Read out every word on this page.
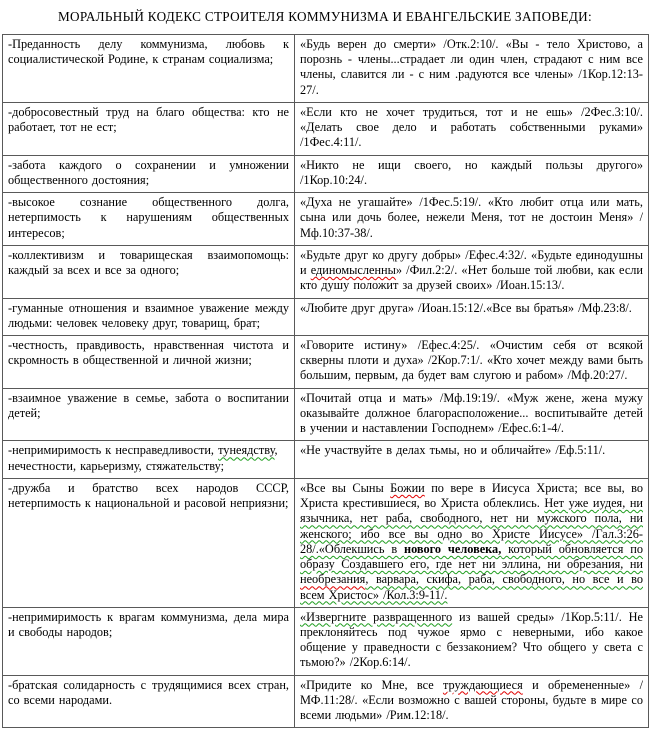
МОРАЛЬНЫЙ КОДЕКС СТРОИТЕЛЯ КОММУНИЗМА И ЕВАНГЕЛЬСКИЕ ЗАПОВЕДИ:
-Преданность делу коммунизма, любовь к социалистической Родине, к странам социализма;	«Будь верен до смерти» /Отк.2:10/. «Вы - тело Христово, а порознь - члены...страдает ли один член, страдают с ним все члены, славится ли - с ним .радуются все члены» /1Кор.12:13-27/.
-добросовестный труд на благо общества: кто не работает, тот не ест;	«Если кто не хочет трудиться, тот и не ешь» /2Фес.3:10/. «Делать свое дело и работать собственными руками» /1Фес.4:11/.
-забота каждого о сохранении и умножении общественного достояния;	«Никто не ищи своего, но каждый пользы другого» /1Кор.10:24/.
-высокое сознание общественного долга, нетерпимость к нарушениям общественных интересов;	«Духа не угашайте» /1Фес.5:19/. «Кто любит отца или мать, сына или дочь более, нежели Меня, тот не достоин Меня» /Мф.10:37-38/.
-коллективизм и товарищеская взаимопомощь: каждый за всех и все за одного;	«Будьте друг ко другу добры» /Ефес.4:32/. «Будьте единодушны и единомысленны» /Фил.2:2/. «Нет больше той любви, как если кто душу положит за друзей своих» /Иоан.15:13/.
-гуманные отношения и взаимное уважение между людьми: человек человеку друг, товарищ, брат;	«Любите друг друга» /Иоан.15:12/.«Все вы братья» /Мф.23:8/.
-честность, правдивость, нравственная чистота и скромность в общественной и личной жизни;	«Говорите истину» /Ефес.4:25/. «Очистим себя от всякой скверны плоти и духа» /2Кор.7:1/. «Кто хочет между вами быть большим, первым, да будет вам слугою и рабом» /Мф.20:27/.
-взаимное уважение в семье, забота о воспитании детей;	«Почитай отца и мать» /Мф.19:19/. «Муж жене, жена мужу оказывайте должное благорасположение... воспитывайте детей в учении и наставлении Господнем» /Ефес.6:1-4/.
-непримиримость к несправедливости, тунеядству, нечестности, карьеризму, стяжательству;	«Не участвуйте в делах тьмы, но и обличайте» /Еф.5:11/.
-дружба и братство всех народов СССР, нетерпимость к национальной и расовой неприязни;	«Все вы Сыны Божии по вере в Иисуса Христа; все вы, во Христа крестившиеся, во Христа облеклись. Нет уже иудея, ни язычника, нет раба, свободного, нет ни мужского пола, ни женского; ибо все вы одно во Христе Иисусе» /Гал.3:26-28/.«Облекшись в нового человека, который обновляется по образу Создавшего его, где нет ни эллина, ни обрезания, ни необрезания, варвара, скифа, раба, свободного, но все и во всем Христос» /Кол.3:9-11/.
-непримиримость к врагам коммунизма, дела мира и свободы народов;	«Извергните развращенного из вашей среды» /1Кор.5:11/. Не преклоняйтесь под чужое ярмо с неверными, ибо какое общение у праведности с беззаконием? Что общего у света с тьмою?» /2Кор.6:14/.
-братская солидарность с трудящимися всех стран, со всеми народами.	«Придите ко Мне, все труждающиеся и обремененные» /МФ.11:28/. «Если возможно с вашей стороны, будьте в мире со всеми людьми» /Рим.12:18/.
